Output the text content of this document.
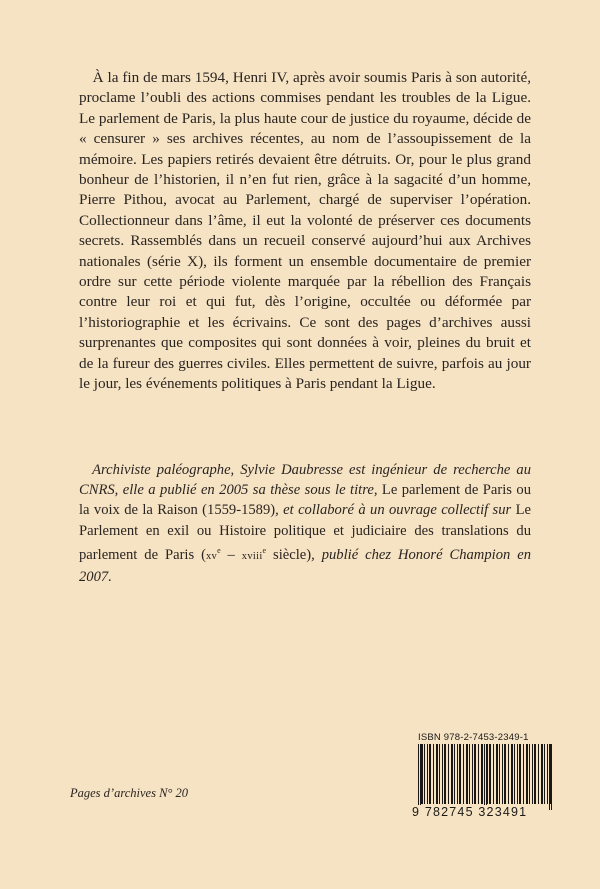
À la fin de mars 1594, Henri IV, après avoir soumis Paris à son autorité, proclame l’oubli des actions commises pendant les troubles de la Ligue. Le parlement de Paris, la plus haute cour de justice du royaume, décide de « censurer » ses archives récentes, au nom de l’assoupissement de la mémoire. Les papiers retirés devaient être détruits. Or, pour le plus grand bonheur de l’historien, il n’en fut rien, grâce à la sagacité d’un homme, Pierre Pithou, avocat au Parlement, chargé de superviser l’opération. Collectionneur dans l’âme, il eut la volonté de préserver ces documents secrets. Rassemblés dans un recueil conservé aujourd’hui aux Archives nationales (série X), ils forment un ensemble documentaire de premier ordre sur cette période violente marquée par la rébellion des Français contre leur roi et qui fut, dès l’origine, occultée ou déformée par l’historiographie et les écrivains. Ce sont des pages d’archives aussi surprenantes que composites qui sont données à voir, pleines du bruit et de la fureur des guerres civiles. Elles permettent de suivre, parfois au jour le jour, les événements politiques à Paris pendant la Ligue.

Archiviste paléographe, Sylvie Daubresse est ingénieur de recherche au CNRS, elle a publié en 2005 sa thèse sous le titre, Le parlement de Paris ou la voix de la Raison (1559-1589), et collaboré à un ouvrage collectif sur Le Parlement en exil ou Histoire politique et judiciaire des translations du parlement de Paris ($xv^e$ – xviii$^e$ siècle), publié chez Honoré Champion en 2007.

Pages d’archives N° 20

ISBN 978-2-7453-2349-1
9 782745 323491
